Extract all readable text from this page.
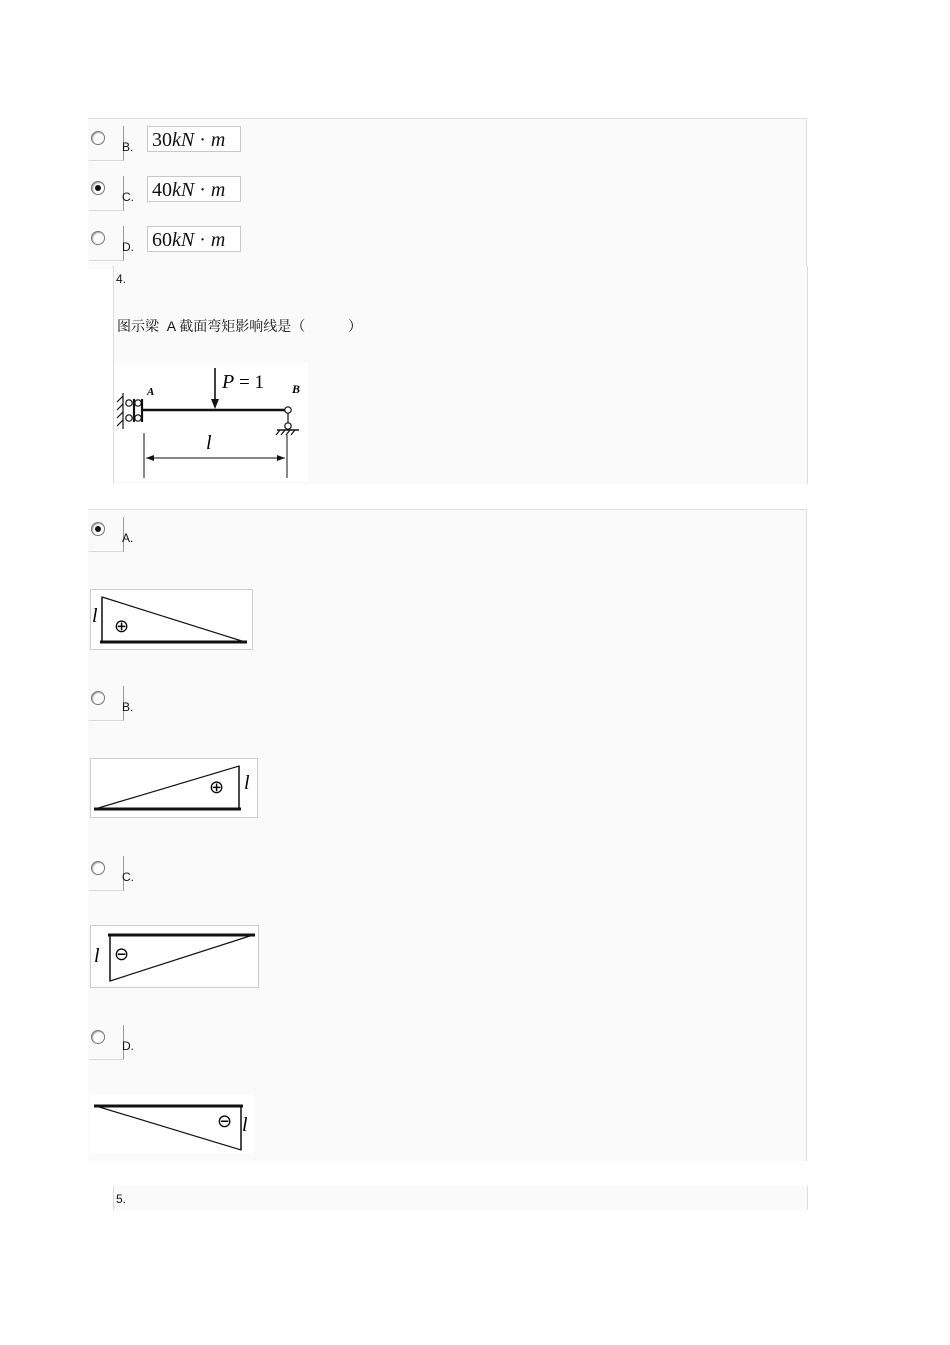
B. 30kN · m
C. 40kN · m
D. 60kN · m
4.
图示梁  A 截面弯矩影响线是（           ）
P = 1
A	B
l
A.
l ⊕
B.
⊕ l
C.
l ⊖
D.
⊖ l
5.
